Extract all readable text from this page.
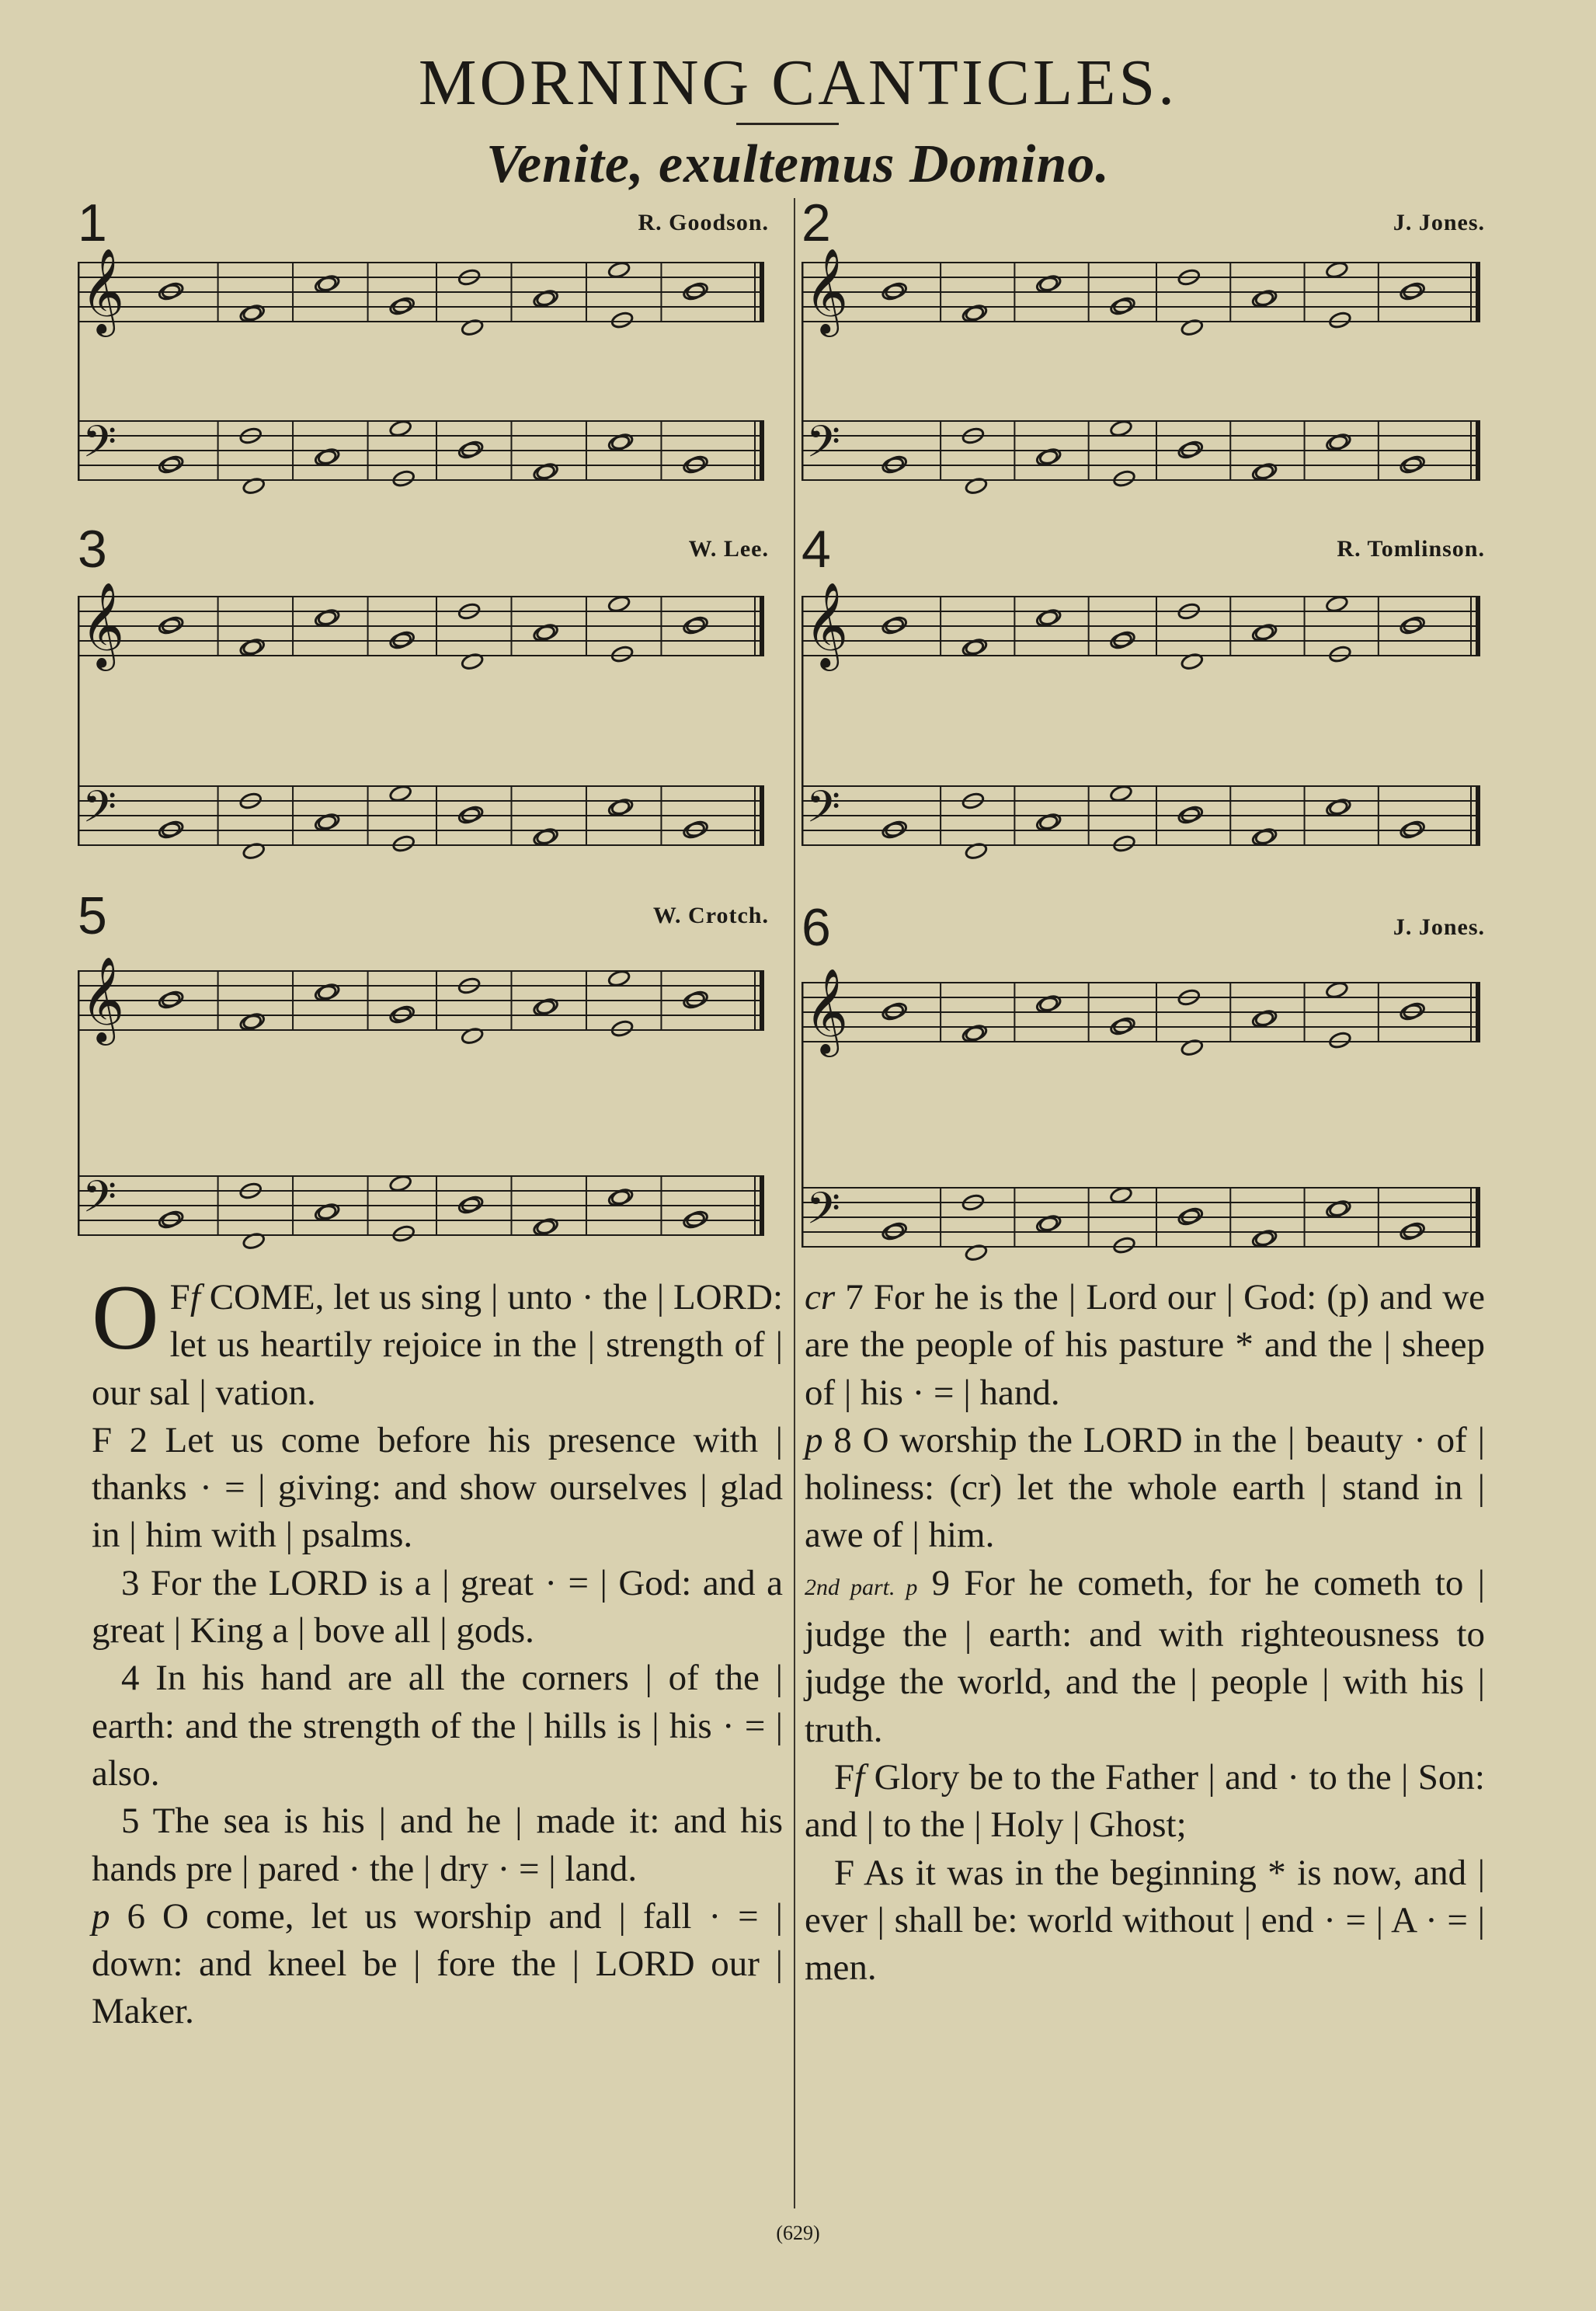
MORNING CANTICLES.
Venite, exultemus Domino.
1	R. Goodson.
𝄞
𝄢
2	J. Jones.
𝄞
𝄢
3	W. Lee.
𝄞
𝄢
4	R. Tomlinson.
𝄞
𝄢
5	W. Crotch.
𝄞
𝄢
6	J. Jones.
𝄞
𝄢

O Ff COME, let us sing | unto · the | LORD: let us heartily rejoice in the | strength of | our sal | vation.

F 2 Let us come before his presence with | thanks · = | giving: and show ourselves | glad in | him with | psalms.

3 For the LORD is a | great · = | God: and a great | King a | bove all | gods.

4 In his hand are all the corners | of the | earth: and the strength of the | hills is | his · = | also.

5 The sea is his | and he | made it: and his hands pre | pared · the | dry · = | land.

p 6 O come, let us worship and | fall · = | down: and kneel be | fore the | LORD our | Maker.

cr 7 For he is the | Lord our | God: (p) and we are the people of his pasture * and the | sheep of | his · = | hand.

p 8 O worship the LORD in the | beauty · of | holiness: (cr) let the whole earth | stand in | awe of | him.

2nd part. p 9 For he cometh, for he cometh to | judge the | earth: and with righteousness to judge the world, and the | people | with his | truth.

Ff Glory be to the Father | and · to the | Son: and | to the | Holy | Ghost;

F As it was in the beginning * is now, and | ever | shall be: world without | end · = | A · = | men.

(629)
